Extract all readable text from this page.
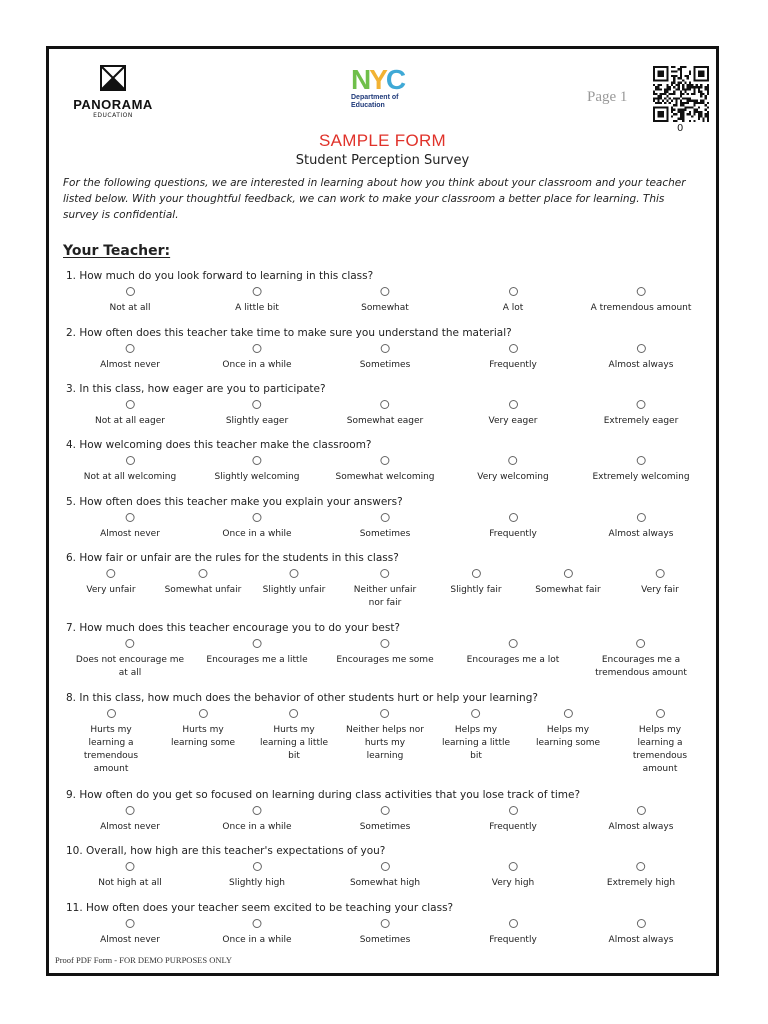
PANORAMA
EDUCATION
NYC
Department of
Education
Page 1
0
SAMPLE FORM
Student Perception Survey
For the following questions, we are interested in learning about how you think about your classroom and your teacher listed below. With your thoughtful feedback, we can work to make your classroom a better place for learning. This survey is confidential.
Your Teacher:
1. How much do you look forward to learning in this class?
Not at all	A little bit	Somewhat	A lot	A tremendous amount
2. How often does this teacher take time to make sure you understand the material?
Almost never	Once in a while	Sometimes	Frequently	Almost always
3. In this class, how eager are you to participate?
Not at all eager	Slightly eager	Somewhat eager	Very eager	Extremely eager
4. How welcoming does this teacher make the classroom?
Not at all welcoming	Slightly welcoming	Somewhat welcoming	Very welcoming	Extremely welcoming
5. How often does this teacher make you explain your answers?
Almost never	Once in a while	Sometimes	Frequently	Almost always
6. How fair or unfair are the rules for the students in this class?
Very unfair	Somewhat unfair	Slightly unfair	Neither unfair
nor fair
Slightly fair	Somewhat fair	Very fair
7. How much does this teacher encourage you to do your best?
Does not encourage me
at all
Encourages me a little	Encourages me some	Encourages me a lot	Encourages me a
tremendous amount
8. In this class, how much does the behavior of other students hurt or help your learning?
Hurts my
learning a
tremendous
amount
Hurts my
learning some
Hurts my
learning a little
bit
Neither helps nor
hurts my
learning
Helps my
learning a little
bit
Helps my
learning some
Helps my
learning a
tremendous
amount
9. How often do you get so focused on learning during class activities that you lose track of time?
Almost never	Once in a while	Sometimes	Frequently	Almost always
10. Overall, how high are this teacher's expectations of you?
Not high at all	Slightly high	Somewhat high	Very high	Extremely high
11. How often does your teacher seem excited to be teaching your class?
Almost never	Once in a while	Sometimes	Frequently	Almost always
Proof PDF Form - FOR DEMO PURPOSES ONLY
